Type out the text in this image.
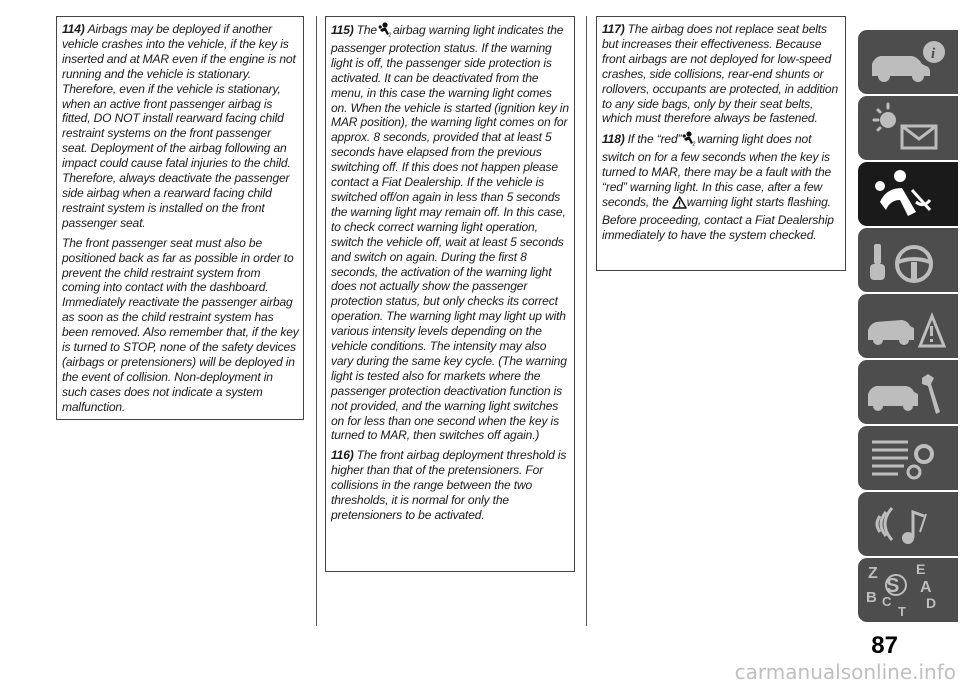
114) Airbags may be deployed if another vehicle crashes into the vehicle, if the key is inserted and at MAR even if the engine is not running and the vehicle is stationary. Therefore, even if the vehicle is stationary, when an active front passenger airbag is fitted, DO NOT install rearward facing child restraint systems on the front passenger seat. Deployment of the airbag following an impact could cause fatal injuries to the child. Therefore, always deactivate the passenger side airbag when a rearward facing child restraint system is installed on the front passenger seat.

The front passenger seat must also be positioned back as far as possible in order to prevent the child restraint system from coming into contact with the dashboard. Immediately reactivate the passenger airbag as soon as the child restraint system has been removed. Also remember that, if the key is turned to STOP, none of the safety devices (airbags or pretensioners) will be deployed in the event of collision. Non-deployment in such cases does not indicate a system malfunction.

115) The 2 airbag warning light indicates the passenger protection status. If the warning light is off, the passenger side protection is activated. It can be deactivated from the menu, in this case the warning light comes on. When the vehicle is started (ignition key in MAR position), the warning light comes on for approx. 8 seconds, provided that at least 5 seconds have elapsed from the previous switching off. If this does not happen please contact a Fiat Dealership. If the vehicle is switched off/on again in less than 5 seconds the warning light may remain off. In this case, to check correct warning light operation, switch the vehicle off, wait at least 5 seconds and switch on again. During the first 8 seconds, the activation of the warning light does not actually show the passenger protection status, but only checks its correct operation. The warning light may light up with various intensity levels depending on the vehicle conditions. The intensity may also vary during the same key cycle. (The warning light is tested also for markets where the passenger protection deactivation function is not provided, and the warning light switches on for less than one second when the key is turned to MAR, then switches off again.)

116) The front airbag deployment threshold is higher than that of the pretensioners. For collisions in the range between the two thresholds, it is normal for only the pretensioners to be activated.

117) The airbag does not replace seat belts but increases their effectiveness. Because front airbags are not deployed for low-speed crashes, side collisions, rear-end shunts or rollovers, occupants are protected, in addition to any side bags, only by their seat belts, which must therefore always be fastened.

118) If the “red” 2 warning light does not switch on for a few seconds when the key is turned to MAR, there may be a fault with the “red” warning light. In this case, after a few seconds, the warning light starts flashing. Before proceeding, contact a Fiat Dealership immediately to have the system checked.

i
Z	E
S A
B C
T
D
87
carmanualsonline.info
